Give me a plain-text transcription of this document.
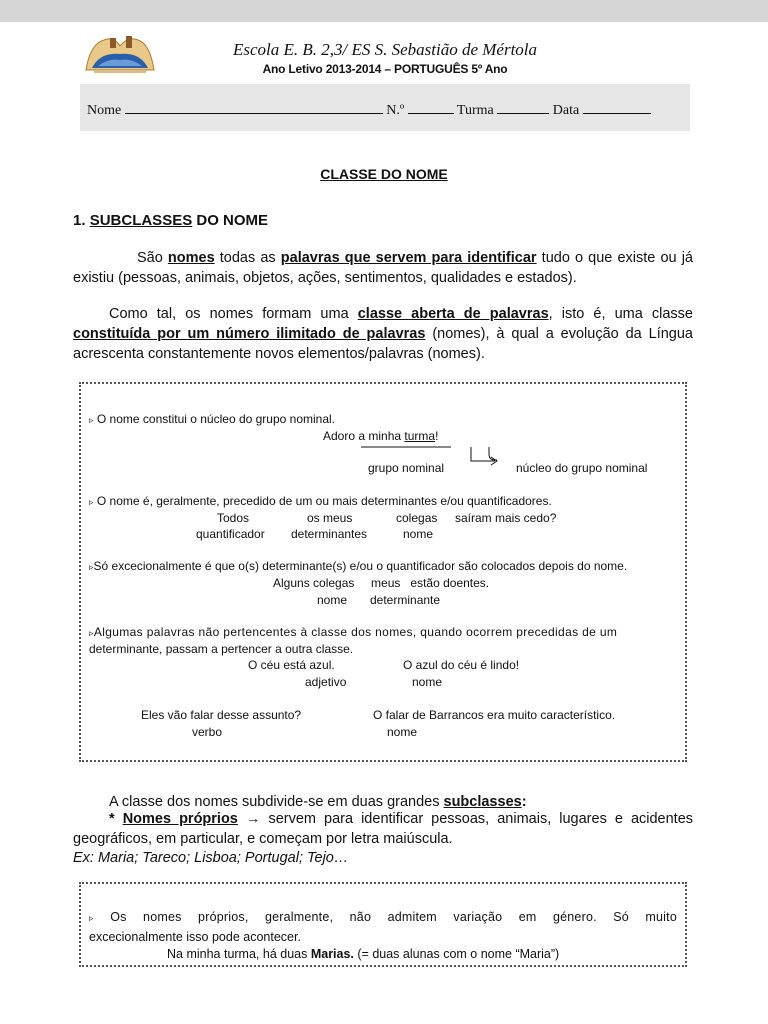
Escola E. B. 2,3/ ES S. Sebastião de Mértola
Ano Letivo 2013-2014 – PORTUGUÊS 5º Ano
Nome	N.º	Turma	Data
CLASSE DO NOME
1. SUBCLASSES DO NOME
São nomes todas as palavras que servem para identificar tudo o que existe ou já existiu (pessoas, animais, objetos, ações, sentimentos, qualidades e estados).
Como tal, os nomes formam uma classe aberta de palavras, isto é, uma classe constituída por um número ilimitado de palavras (nomes), à qual a evolução da Língua acrescenta constantemente novos elementos/palavras (nomes).
▹ O nome constitui o núcleo do grupo nominal.
Adoro a minha turma!
grupo nominal	núcleo do grupo nominal
▹ O nome é, geralmente, precedido de um ou mais determinantes e/ou quantificadores.
Todos	os meus	colegas saíram mais cedo?
quantificador determinantes	nome
▹Só excecionalmente é que o(s) determinante(s) e/ou o quantificador são colocados depois do nome.
Alguns colegas     meus   estão doentes.
nome determinante
▹Algumas palavras não pertencentes à classe dos nomes, quando ocorrem precedidas de um
determinante, passam a pertencer a outra classe.
O céu está azul.	O azul do céu é lindo!
adjetivo	nome
Eles vão falar desse assunto?	O falar de Barrancos era muito característico.
verbo	nome
A classe dos nomes subdivide-se em duas grandes subclasses:
* Nomes próprios → servem para identificar pessoas, animais, lugares e acidentes geográficos, em particular, e começam por letra maiúscula.
Ex: Maria; Tareco; Lisboa; Portugal; Tejo…
▹ Os nomes próprios, geralmente, não admitem variação em género. Só muito
excecionalmente isso pode acontecer.
Na minha turma, há duas Marias. (= duas alunas com o nome “Maria”)
